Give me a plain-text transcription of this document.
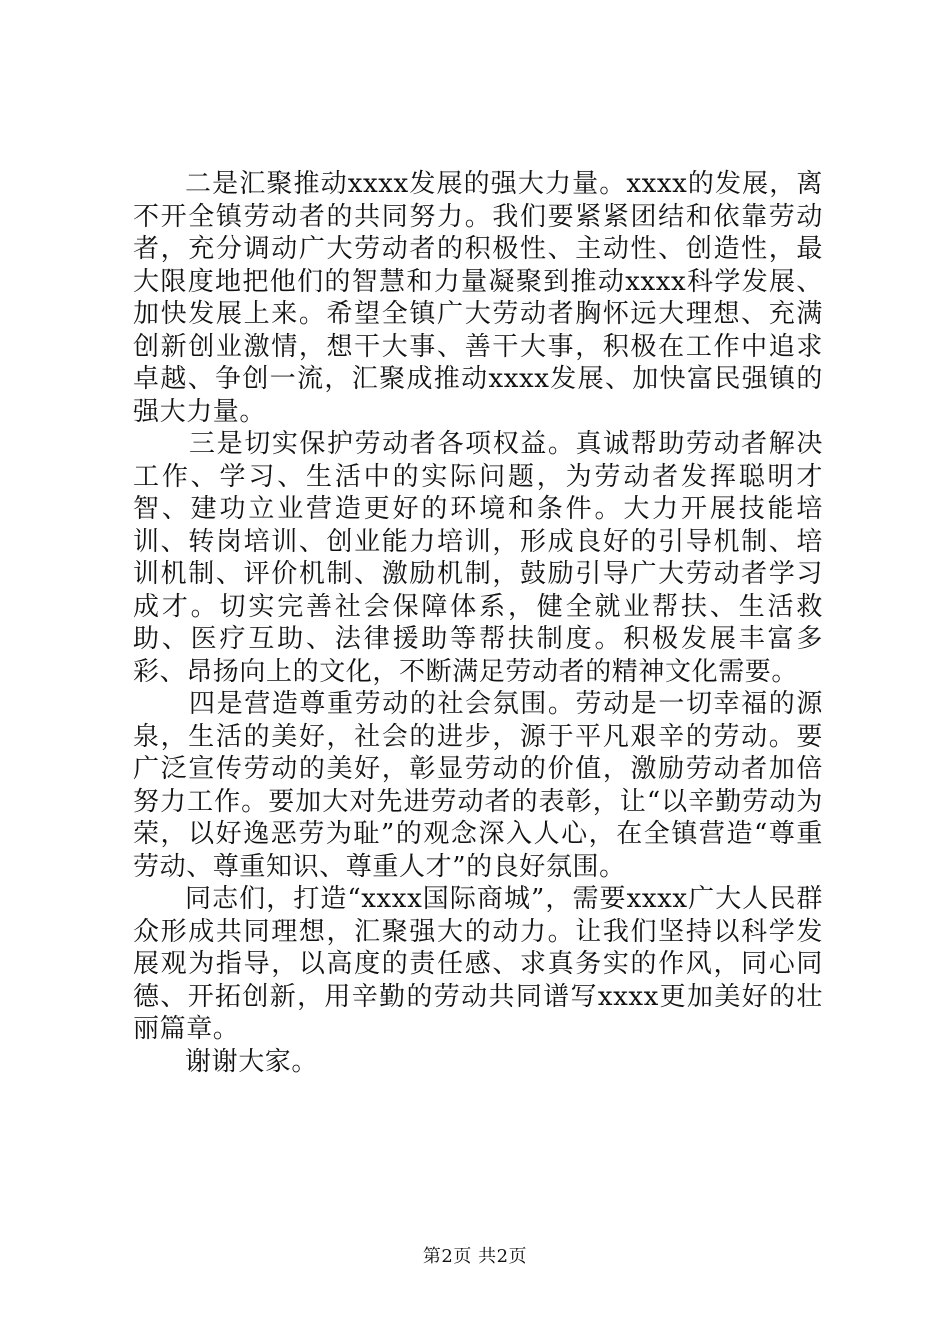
二是汇聚推动xxxx发展的强大力量。xxxx的发展，离不开全镇劳动者的共同努力。我们要紧紧团结和依靠劳动者，充分调动广大劳动者的积极性、主动性、创造性，最大限度地把他们的智慧和力量凝聚到推动xxxx科学发展、加快发展上来。希望全镇广大劳动者胸怀远大理想、充满创新创业激情，想干大事、善干大事，积极在工作中追求卓越、争创一流，汇聚成推动xxxx发展、加快富民强镇的强大力量。

三是切实保护劳动者各项权益。真诚帮助劳动者解决工作、学习、生活中的实际问题，为劳动者发挥聪明才智、建功立业营造更好的环境和条件。大力开展技能培训、转岗培训、创业能力培训，形成良好的引导机制、培训机制、评价机制、激励机制，鼓励引导广大劳动者学习成才。切实完善社会保障体系，健全就业帮扶、生活救助、医疗互助、法律援助等帮扶制度。积极发展丰富多彩、昂扬向上的文化，不断满足劳动者的精神文化需要。

四是营造尊重劳动的社会氛围。劳动是一切幸福的源泉，生活的美好，社会的进步，源于平凡艰辛的劳动。要广泛宣传劳动的美好，彰显劳动的价值，激励劳动者加倍努力工作。要加大对先进劳动者的表彰，让“以辛勤劳动为荣，以好逸恶劳为耻”的观念深入人心，在全镇营造“尊重劳动、尊重知识、尊重人才”的良好氛围。

同志们，打造“xxxx国际商城”，需要xxxx广大人民群众形成共同理想，汇聚强大的动力。让我们坚持以科学发展观为指导，以高度的责任感、求真务实的作风，同心同德、开拓创新，用辛勤的劳动共同谱写xxxx更加美好的壮丽篇章。

谢谢大家。

第2页 共2页
